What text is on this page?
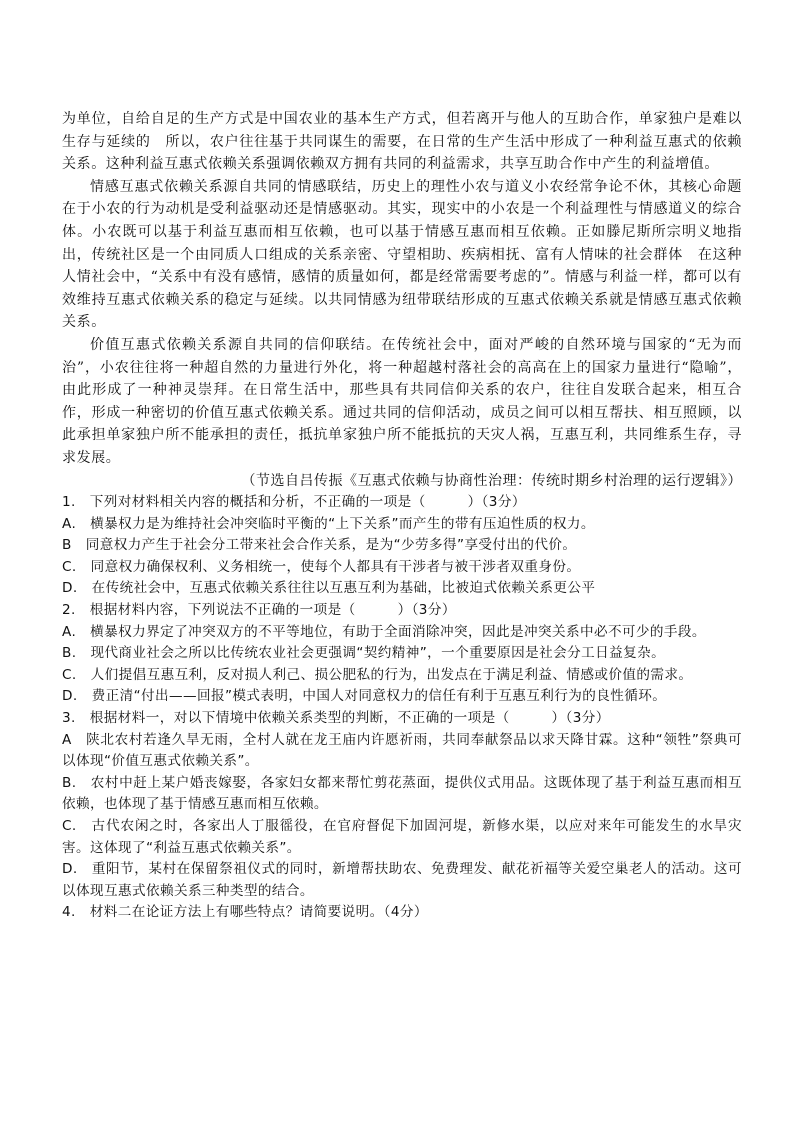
为单位，自给自足的生产方式是中国农业的基本生产方式，但若离开与他人的互助合作，单家独户是难以生存与延续的　所以，农户往往基于共同谋生的需要，在日常的生产生活中形成了一种利益互惠式的依赖关系。这种利益互惠式依赖关系强调依赖双方拥有共同的利益需求，共享互助合作中产生的利益增值。

情感互惠式依赖关系源自共同的情感联结，历史上的理性小农与道义小农经常争论不休，其核心命题在于小农的行为动机是受利益驱动还是情感驱动。其实，现实中的小农是一个利益理性与情感道义的综合体。小农既可以基于利益互惠而相互依赖，也可以基于情感互惠而相互依赖。正如滕尼斯所宗明义地指出，传统社区是一个由同质人口组成的关系亲密、守望相助、疾病相抚、富有人情味的社会群体　在这种人情社会中，“关系中有没有感情，感情的质量如何，都是经常需要考虑的”。情感与利益一样，都可以有效维持互惠式依赖关系的稳定与延续。以共同情感为纽带联结形成的互惠式依赖关系就是情感互惠式依赖关系。

价值互惠式依赖关系源自共同的信仰联结。在传统社会中，面对严峻的自然环境与国家的“无为而治”，小农往往将一种超自然的力量进行外化，将一种超越村落社会的高高在上的国家力量进行“隐喻”，由此形成了一种神灵崇拜。在日常生活中，那些具有共同信仰关系的农户，往往自发联合起来，相互合作，形成一种密切的价值互惠式依赖关系。通过共同的信仰活动，成员之间可以相互帮扶、相互照顾，以此承担单家独户所不能承担的责任，抵抗单家独户所不能抵抗的天灾人祸，互惠互利，共同维系生存，寻求发展。

（节选自吕传振《互惠式依赖与协商性治理：传统时期乡村治理的运行逻辑》）

1.　下列对材料相关内容的概括和分析，不正确的一项是（　　　）（3分）
A.　横暴权力是为维持社会冲突临时平衡的“上下关系”而产生的带有压迫性质的权力。
B　同意权力产生于社会分工带来社会合作关系，是为“少劳多得”享受付出的代价。
C.　同意权力确保权利、义务相统一，使每个人都具有干涉者与被干涉者双重身份。
D.　在传统社会中，互惠式依赖关系往往以互惠互利为基础，比被迫式依赖关系更公平
2.　根据材料内容，下列说法不正确的一项是（　　　）（3分）
A.　横暴权力界定了冲突双方的不平等地位，有助于全面消除冲突，因此是冲突关系中必不可少的手段。
B.　现代商业社会之所以比传统农业社会更强调“契约精神”，一个重要原因是社会分工日益复杂。
C.　人们提倡互惠互利，反对损人利己、损公肥私的行为，出发点在于满足利益、情感或价值的需求。
D.　费正清“付出——回报”模式表明，中国人对同意权力的信任有利于互惠互利行为的良性循环。
3.　根据材料一，对以下情境中依赖关系类型的判断，不正确的一项是（　　　）（3分）
A　陕北农村若逢久旱无雨，全村人就在龙王庙内许愿祈雨，共同奉献祭品以求天降甘霖。这种“领牲”祭典可以体现“价值互惠式依赖关系”。
B.　农村中赶上某户婚丧嫁娶，各家妇女都来帮忙剪花蒸面，提供仪式用品。这既体现了基于利益互惠而相互依赖，也体现了基于情感互惠而相互依赖。
C.　古代农闲之时，各家出人丁服徭役，在官府督促下加固河堤，新修水渠，以应对来年可能发生的水旱灾害。这体现了“利益互惠式依赖关系”。
D.　重阳节，某村在保留祭祖仪式的同时，新增帮扶助农、免费理发、献花祈福等关爱空巢老人的活动。这可以体现互惠式依赖关系三种类型的结合。
4.　材料二在论证方法上有哪些特点？请简要说明。（4分）
